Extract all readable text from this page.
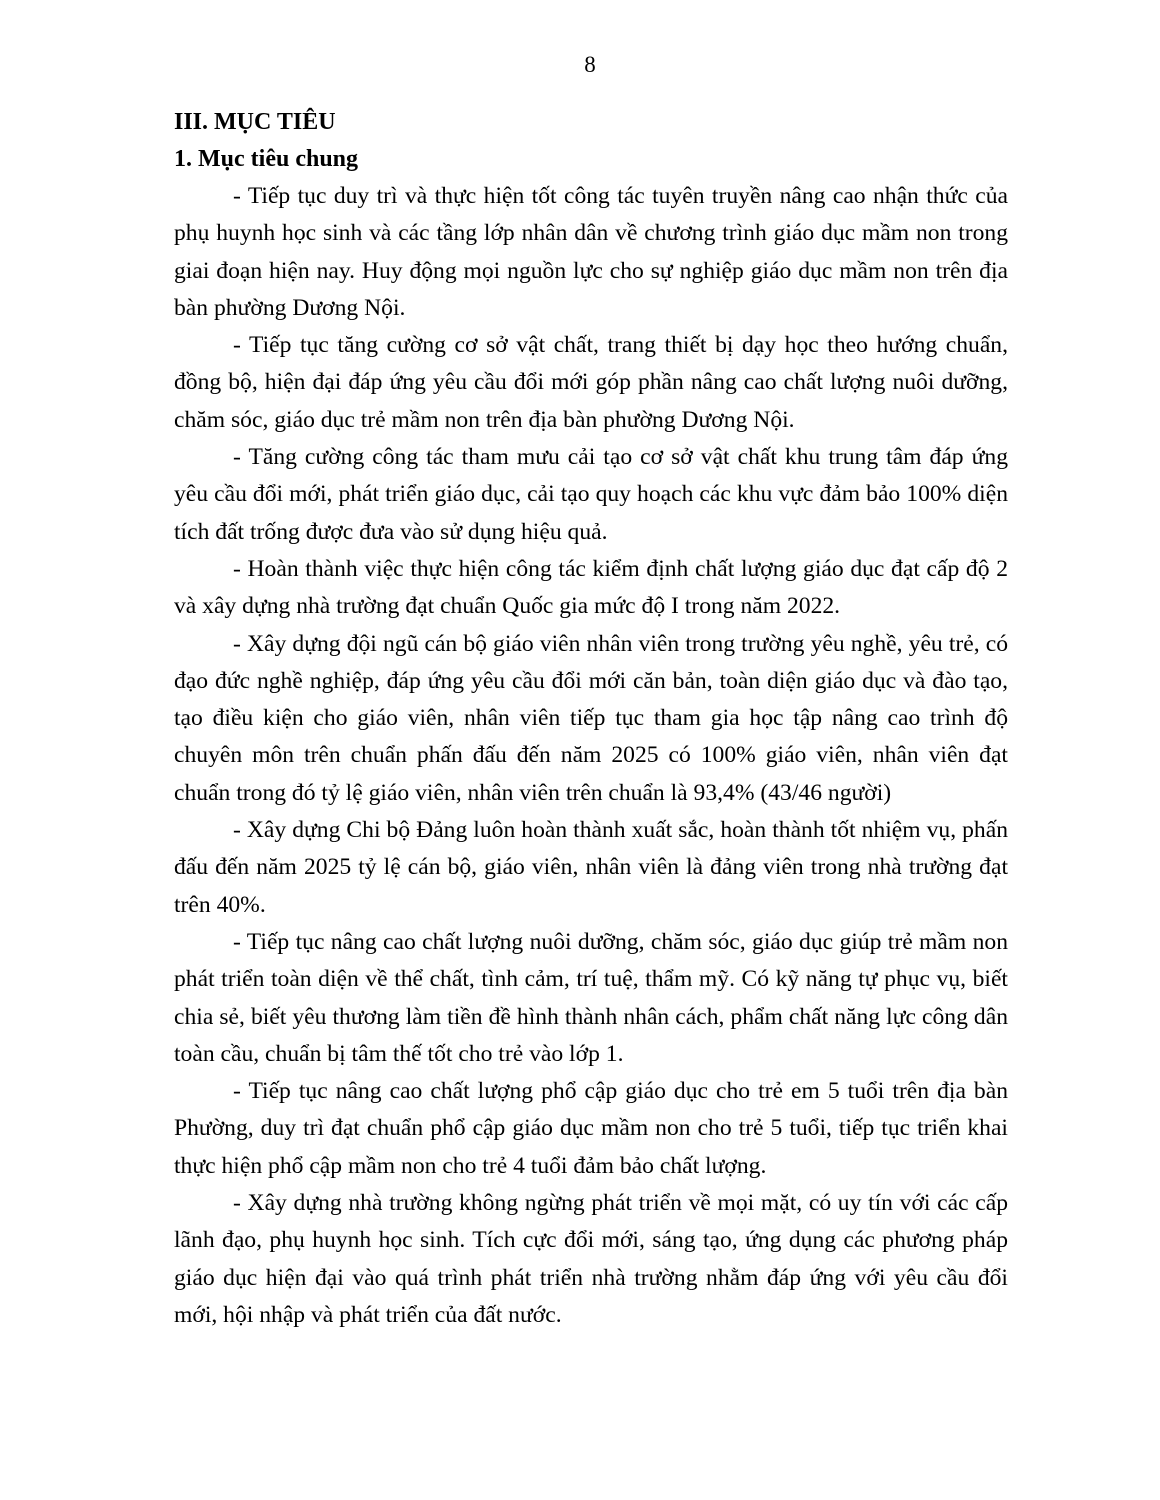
8
III. MỤC TIÊU
1. Mục tiêu chung

- Tiếp tục duy trì và thực hiện tốt công tác tuyên truyền nâng cao nhận thức của phụ huynh học sinh và các tầng lớp nhân dân về chương trình giáo dục mầm non trong giai đoạn hiện nay. Huy động mọi nguồn lực cho sự nghiệp giáo dục mầm non trên địa bàn phường Dương Nội.

- Tiếp tục tăng cường cơ sở vật chất, trang thiết bị dạy học theo hướng chuẩn, đồng bộ, hiện đại đáp ứng yêu cầu đổi mới góp phần nâng cao chất lượng nuôi dưỡng, chăm sóc, giáo dục trẻ mầm non trên địa bàn phường Dương Nội.

- Tăng cường công tác tham mưu cải tạo cơ sở vật chất khu trung tâm đáp ứng yêu cầu đổi mới, phát triển giáo dục, cải tạo quy hoạch các khu vực đảm bảo 100% diện tích đất trống được đưa vào sử dụng hiệu quả.

- Hoàn thành việc thực hiện công tác kiểm định chất lượng giáo dục đạt cấp độ 2 và xây dựng nhà trường đạt chuẩn Quốc gia mức độ I trong năm 2022.

- Xây dựng đội ngũ cán bộ giáo viên nhân viên trong trường yêu nghề, yêu trẻ, có đạo đức nghề nghiệp, đáp ứng yêu cầu đổi mới căn bản, toàn diện giáo dục và đào tạo, tạo điều kiện cho giáo viên, nhân viên tiếp tục tham gia học tập nâng cao trình độ chuyên môn trên chuẩn phấn đấu đến năm 2025 có 100% giáo viên, nhân viên đạt chuẩn trong đó tỷ lệ giáo viên, nhân viên trên chuẩn là 93,4% (43/46 người)

- Xây dựng Chi bộ Đảng luôn hoàn thành xuất sắc, hoàn thành tốt nhiệm vụ, phấn đấu đến năm 2025 tỷ lệ cán bộ, giáo viên, nhân viên là đảng viên trong nhà trường đạt trên 40%.

- Tiếp tục nâng cao chất lượng nuôi dưỡng, chăm sóc, giáo dục giúp trẻ mầm non phát triển toàn diện về thể chất, tình cảm, trí tuệ, thẩm mỹ. Có kỹ năng tự phục vụ, biết chia sẻ, biết yêu thương làm tiền đề hình thành nhân cách, phẩm chất năng lực công dân toàn cầu, chuẩn bị tâm thế tốt cho trẻ vào lớp 1.

- Tiếp tục nâng cao chất lượng phổ cập giáo dục cho trẻ em 5 tuổi trên địa bàn Phường, duy trì đạt chuẩn phổ cập giáo dục mầm non cho trẻ 5 tuổi, tiếp tục triển khai thực hiện phổ cập mầm non cho trẻ 4 tuổi đảm bảo chất lượng.

- Xây dựng nhà trường không ngừng phát triển về mọi mặt, có uy tín với các cấp lãnh đạo, phụ huynh học sinh. Tích cực đổi mới, sáng tạo, ứng dụng các phương pháp giáo dục hiện đại vào quá trình phát triển nhà trường nhằm đáp ứng với yêu cầu đổi mới, hội nhập và phát triển của đất nước.
